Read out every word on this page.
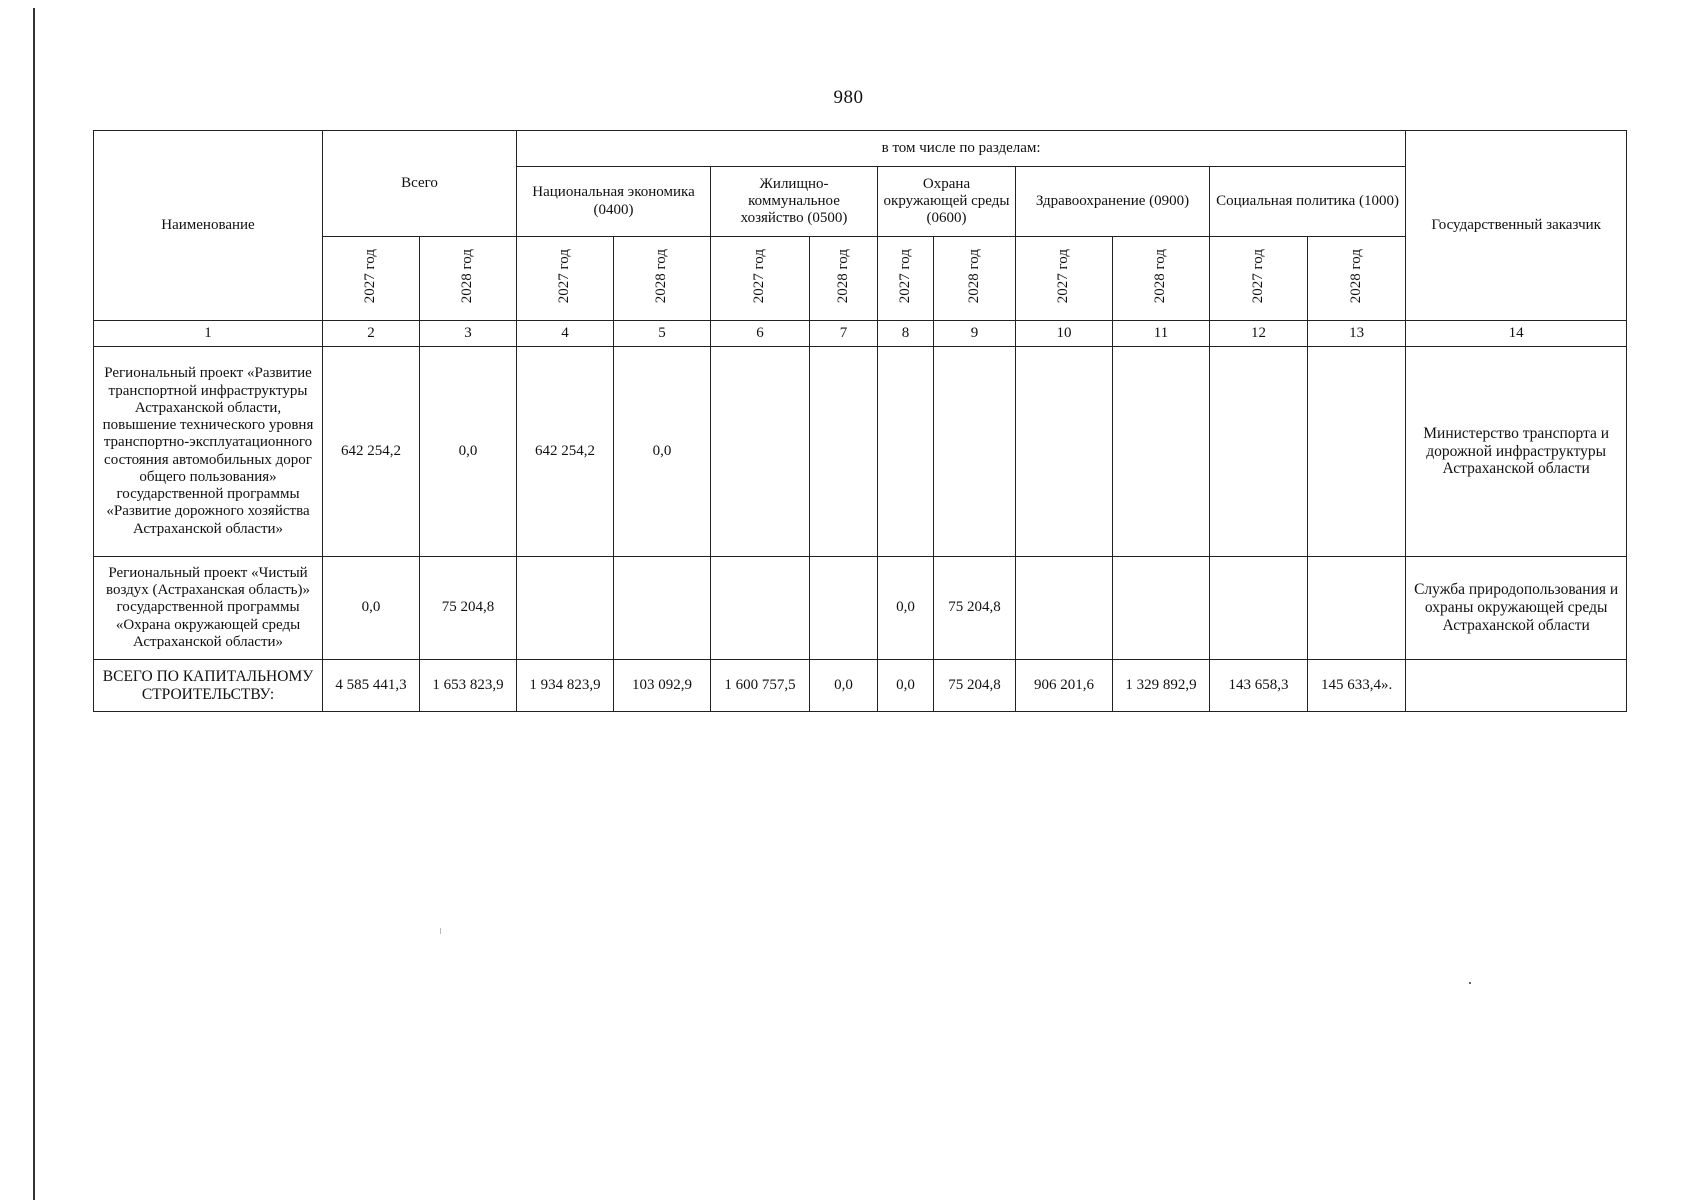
980
Наименование	Всего		в том числе по разделам:										Государственный заказчик
			Национальная экономика (0400)		Жилищно-коммунальное хозяйство (0500)		Охрана окружающей среды (0600)		Здравоохранение (0900)		Социальная политика (1000)		
	2027 год	2028 год	2027 год	2028 год	2027 год	2028 год	2027 год	2028 год	2027 год	2028 год	2027 год	2028 год	
1	2	3	4	5	6	7	8	9	10	11	12	13	14
Региональный проект «Развитие транспортной инфраструктуры Астраханской области, повышение технического уровня транспортно-эксплуатационного состояния автомобильных дорог общего пользования» государственной программы «Развитие дорожного хозяйства Астраханской области»	642 254,2	0,0	642 254,2	0,0									Министерство транспорта и дорожной инфраструктуры Астраханской области
Региональный проект «Чистый воздух (Астраханская область)» государственной программы «Охрана окружающей среды Астраханской области»	0,0	75 204,8					0,0	75 204,8					Служба природопользования и охраны окружающей среды Астраханской области
ВСЕГО ПО КАПИТАЛЬНОМУ СТРОИТЕЛЬСТВУ:	4 585 441,3	1 653 823,9	1 934 823,9	103 092,9	1 600 757,5	0,0	0,0	75 204,8	906 201,6	1 329 892,9	143 658,3	145 633,4».	
